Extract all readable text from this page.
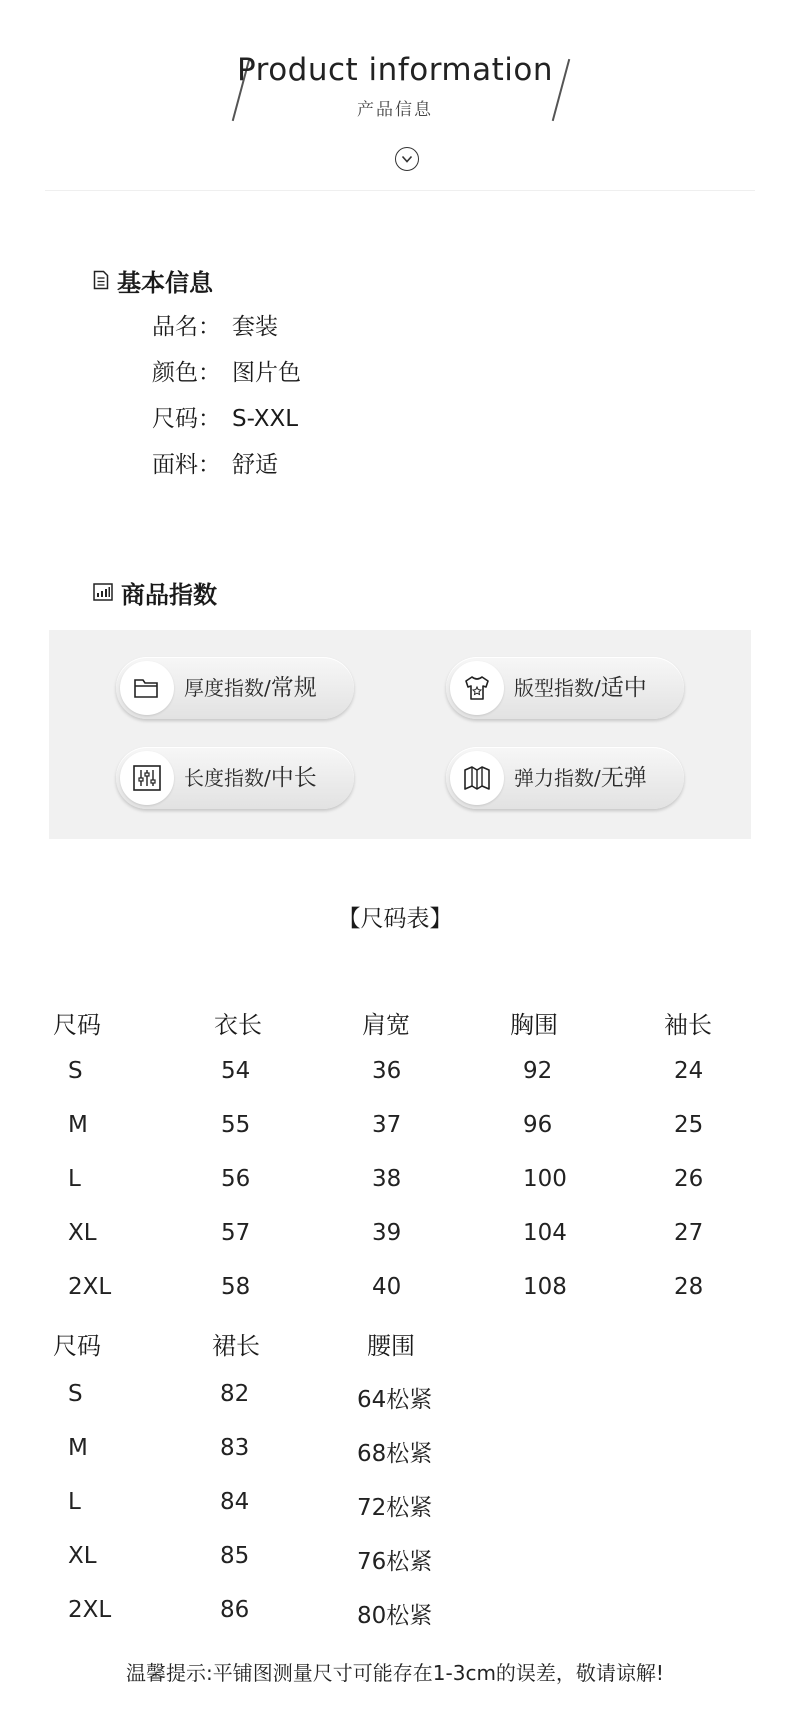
Product information
产品信息
基本信息
品名： 套装
颜色： 图片色
尺码： S-XXL
面料： 舒适
商品指数
厚度指数/常规	版型指数/适中
长度指数/中长	弹力指数/无弹
【尺码表】
尺码	衣长	肩宽	胸围	袖长
S	54	36	92	24
M	55	37	96	25
L	56	38	100	26
XL	57	39	104	27
2XL	58	40	108	28
尺码	裙长	腰围
S	82	64松紧
M	83	68松紧
L	84	72松紧
XL	85	76松紧
2XL	86	80松紧
温馨提示:平铺图测量尺寸可能存在1-3cm的误差，敬请谅解!
